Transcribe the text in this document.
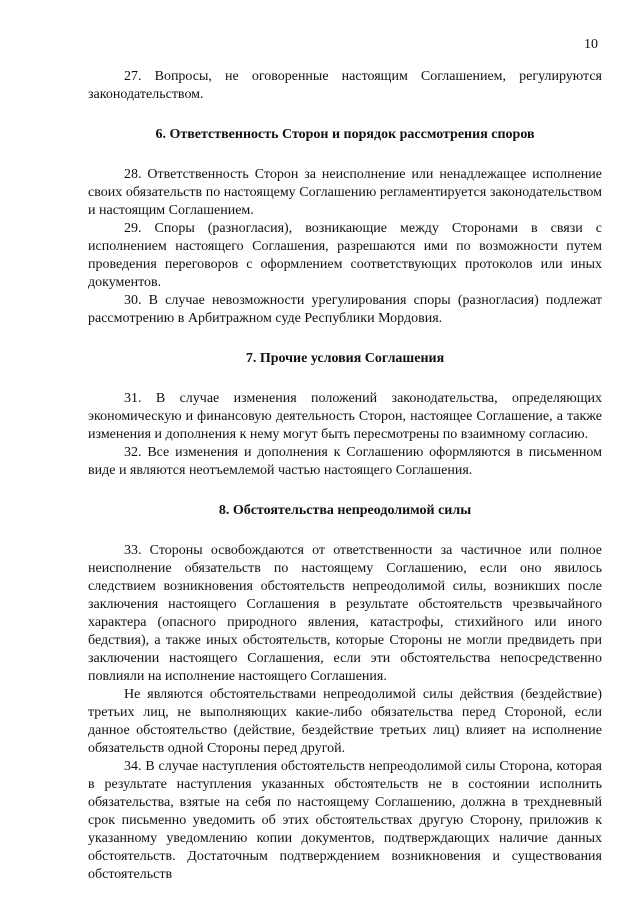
10

27. Вопросы, не оговоренные настоящим Соглашением, регулируются законодательством.

6. Ответственность Сторон и порядок рассмотрения споров

28. Ответственность Сторон за неисполнение или ненадлежащее исполнение своих обязательств по настоящему Соглашению регламентируется законодательством и настоящим Соглашением.

29. Споры (разногласия), возникающие между Сторонами в связи с исполнением настоящего Соглашения, разрешаются ими по возможности путем проведения переговоров с оформлением соответствующих протоколов или иных документов.

30. В случае невозможности урегулирования споры (разногласия) подлежат рассмотрению в Арбитражном суде Республики Мордовия.

7. Прочие условия Соглашения

31. В случае изменения положений законодательства, определяющих экономическую и финансовую деятельность Сторон, настоящее Соглашение, а также изменения и дополнения к нему могут быть пересмотрены по взаимному согласию.

32. Все изменения и дополнения к Соглашению оформляются в письменном виде и являются неотъемлемой частью настоящего Соглашения.

8. Обстоятельства непреодолимой силы

33. Стороны освобождаются от ответственности за частичное или полное неисполнение обязательств по настоящему Соглашению, если оно явилось следствием возникновения обстоятельств непреодолимой силы, возникших после заключения настоящего Соглашения в результате обстоятельств чрезвычайного характера (опасного природного явления, катастрофы, стихийного или иного бедствия), а также иных обстоятельств, которые Стороны не могли предвидеть при заключении настоящего Соглашения, если эти обстоятельства непосредственно повлияли на исполнение настоящего Соглашения.

Не являются обстоятельствами непреодолимой силы действия (бездействие) третьих лиц, не выполняющих какие-либо обязательства перед Стороной, если данное обстоятельство (действие, бездействие третьих лиц) влияет на исполнение обязательств одной Стороны перед другой.

34. В случае наступления обстоятельств непреодолимой силы Сторона, которая в результате наступления указанных обстоятельств не в состоянии исполнить обязательства, взятые на себя по настоящему Соглашению, должна в трехдневный срок письменно уведомить об этих обстоятельствах другую Сторону, приложив к указанному уведомлению копии документов, подтверждающих наличие данных обстоятельств. Достаточным подтверждением возникновения и существования обстоятельств
